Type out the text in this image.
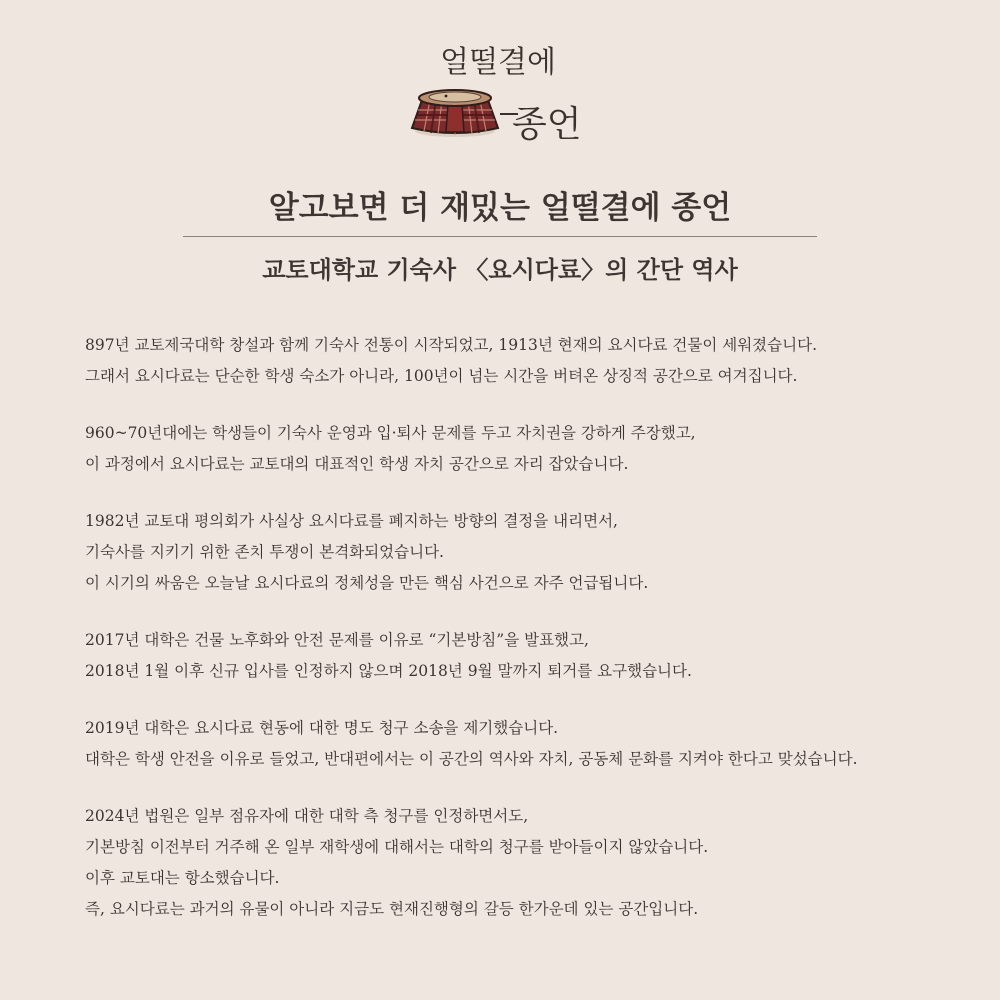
얼떨결에
종언
알고보면 더 재밌는 얼떨결에 종언
교토대학교 기숙사 〈요시다료〉의 간단 역사
897년 교토제국대학 창설과 함께 기숙사 전통이 시작되었고, 1913년 현재의 요시다료 건물이 세워졌습니다.
그래서 요시다료는 단순한 학생 숙소가 아니라, 100년이 넘는 시간을 버텨온 상징적 공간으로 여겨집니다.
960~70년대에는 학생들이 기숙사 운영과 입·퇴사 문제를 두고 자치권을 강하게 주장했고,
이 과정에서 요시다료는 교토대의 대표적인 학생 자치 공간으로 자리 잡았습니다.
1982년 교토대 평의회가 사실상 요시다료를 폐지하는 방향의 결정을 내리면서,
기숙사를 지키기 위한 존치 투쟁이 본격화되었습니다.
이 시기의 싸움은 오늘날 요시다료의 정체성을 만든 핵심 사건으로 자주 언급됩니다.
2017년 대학은 건물 노후화와 안전 문제를 이유로 “기본방침”을 발표했고,
2018년 1월 이후 신규 입사를 인정하지 않으며 2018년 9월 말까지 퇴거를 요구했습니다.
2019년 대학은 요시다료 현동에 대한 명도 청구 소송을 제기했습니다.
대학은 학생 안전을 이유로 들었고, 반대편에서는 이 공간의 역사와 자치, 공동체 문화를 지켜야 한다고 맞섰습니다.
2024년 법원은 일부 점유자에 대한 대학 측 청구를 인정하면서도,
기본방침 이전부터 거주해 온 일부 재학생에 대해서는 대학의 청구를 받아들이지 않았습니다.
이후 교토대는 항소했습니다.
즉, 요시다료는 과거의 유물이 아니라 지금도 현재진행형의 갈등 한가운데 있는 공간입니다.
